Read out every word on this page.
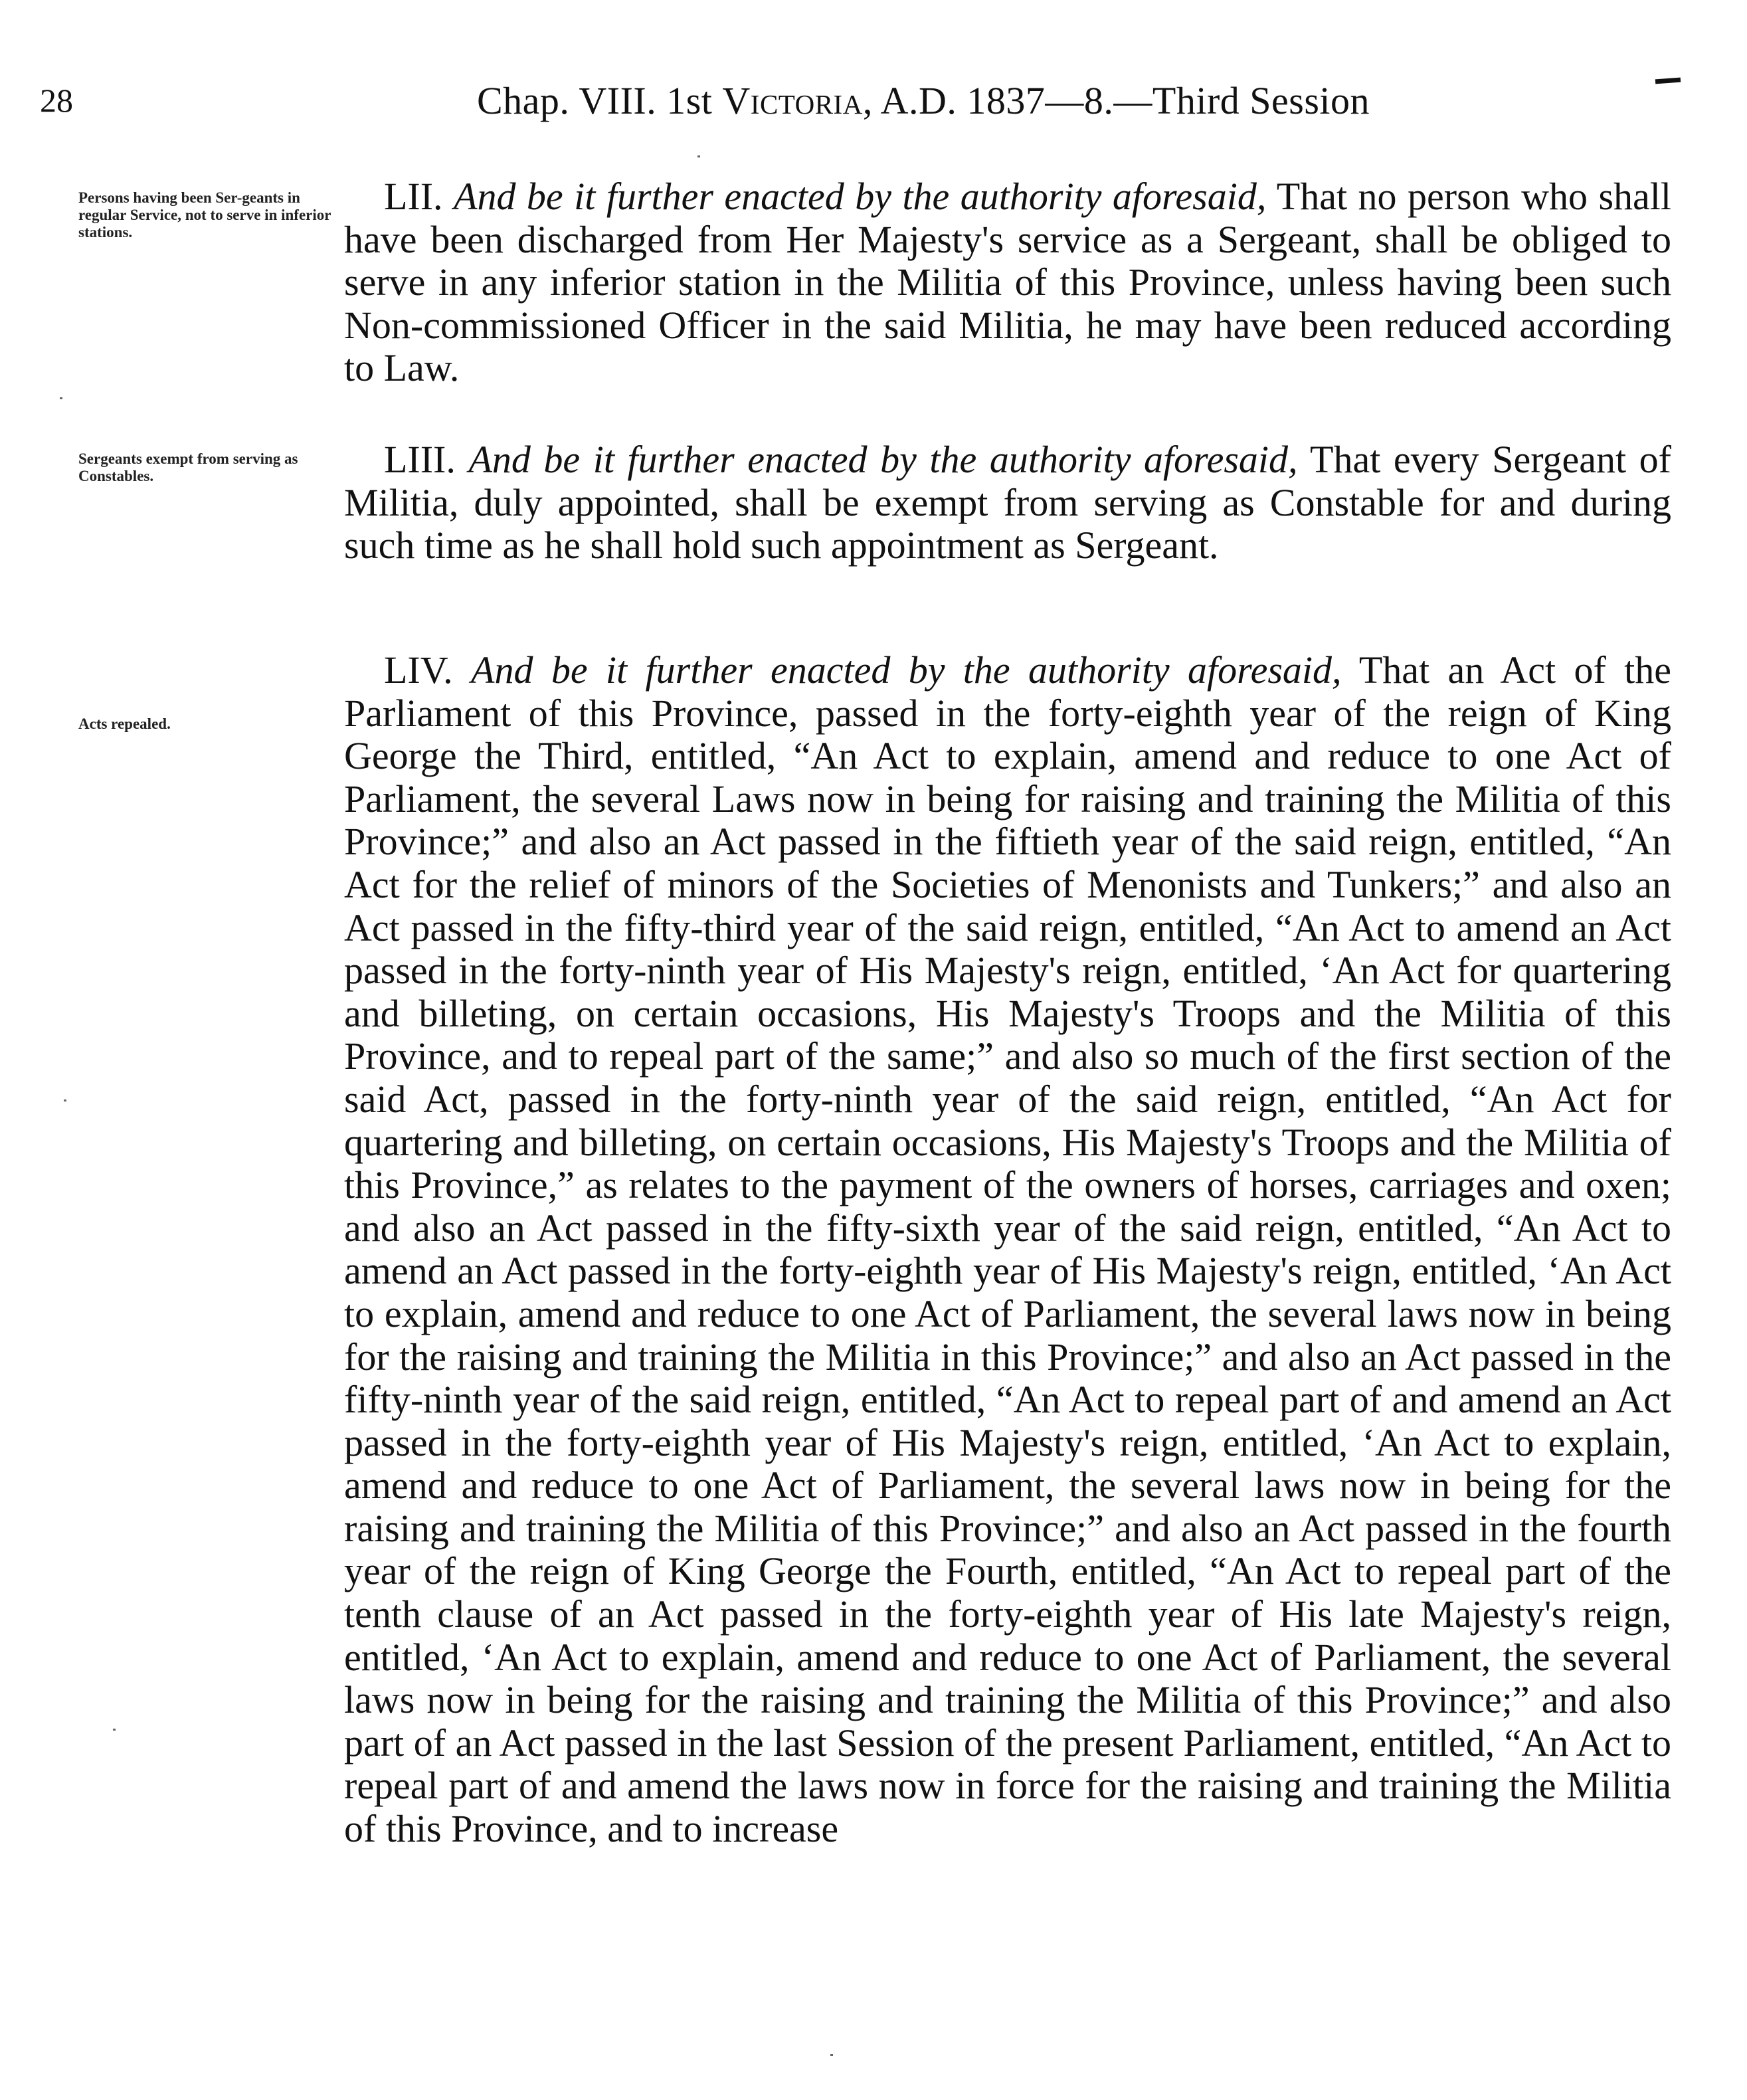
28	Chap. VIII. 1st Victoria, A.D. 1837—8.—Third Session
Persons having been Ser-geants in regular Service, not to serve in inferior stations.
LII. And be it further enacted by the authority aforesaid, That no person who shall have been discharged from Her Majesty's service as a Sergeant, shall be obliged to serve in any inferior station in the Militia of this Province, unless having been such Non-commissioned Officer in the said Militia, he may have been reduced according to Law.
Sergeants exempt from serving as Constables.	LIII. And be it further enacted by the authority aforesaid, That every Sergeant of Militia, duly appointed, shall be exempt from serving as Constable for and during such time as he shall hold such appointment as Sergeant.
Acts repealed.
LIV. And be it further enacted by the authority aforesaid, That an Act of the Parliament of this Province, passed in the forty-eighth year of the reign of King George the Third, entitled, “An Act to explain, amend and reduce to one Act of Parliament, the several Laws now in being for raising and training the Militia of this Province;” and also an Act passed in the fiftieth year of the said reign, entitled, “An Act for the relief of minors of the Societies of Menonists and Tunkers;” and also an Act passed in the fifty-third year of the said reign, entitled, “An Act to amend an Act passed in the forty-ninth year of His Majesty's reign, entitled, ‘An Act for quartering and billeting, on certain occasions, His Majesty's Troops and the Militia of this Province, and to repeal part of the same;” and also so much of the first section of the said Act, passed in the forty-ninth year of the said reign, entitled, “An Act for quartering and billeting, on certain occasions, His Majesty's Troops and the Militia of this Province,” as relates to the payment of the owners of horses, carriages and oxen; and also an Act passed in the fifty-sixth year of the said reign, entitled, “An Act to amend an Act passed in the forty-eighth year of His Majesty's reign, entitled, ‘An Act to explain, amend and reduce to one Act of Parliament, the several laws now in being for the raising and training the Militia in this Province;” and also an Act passed in the fifty-ninth year of the said reign, entitled, “An Act to repeal part of and amend an Act passed in the forty-eighth year of His Majesty's reign, entitled, ‘An Act to explain, amend and reduce to one Act of Parliament, the several laws now in being for the raising and training the Militia of this Province;” and also an Act passed in the fourth year of the reign of King George the Fourth, entitled, “An Act to repeal part of the tenth clause of an Act passed in the forty-eighth year of His late Majesty's reign, entitled, ‘An Act to explain, amend and reduce to one Act of Parliament, the several laws now in being for the raising and training the Militia of this Province;” and also part of an Act passed in the last Session of the present Parliament, entitled, “An Act to repeal part of and amend the laws now in force for the raising and training the Militia of this Province, and to increase
